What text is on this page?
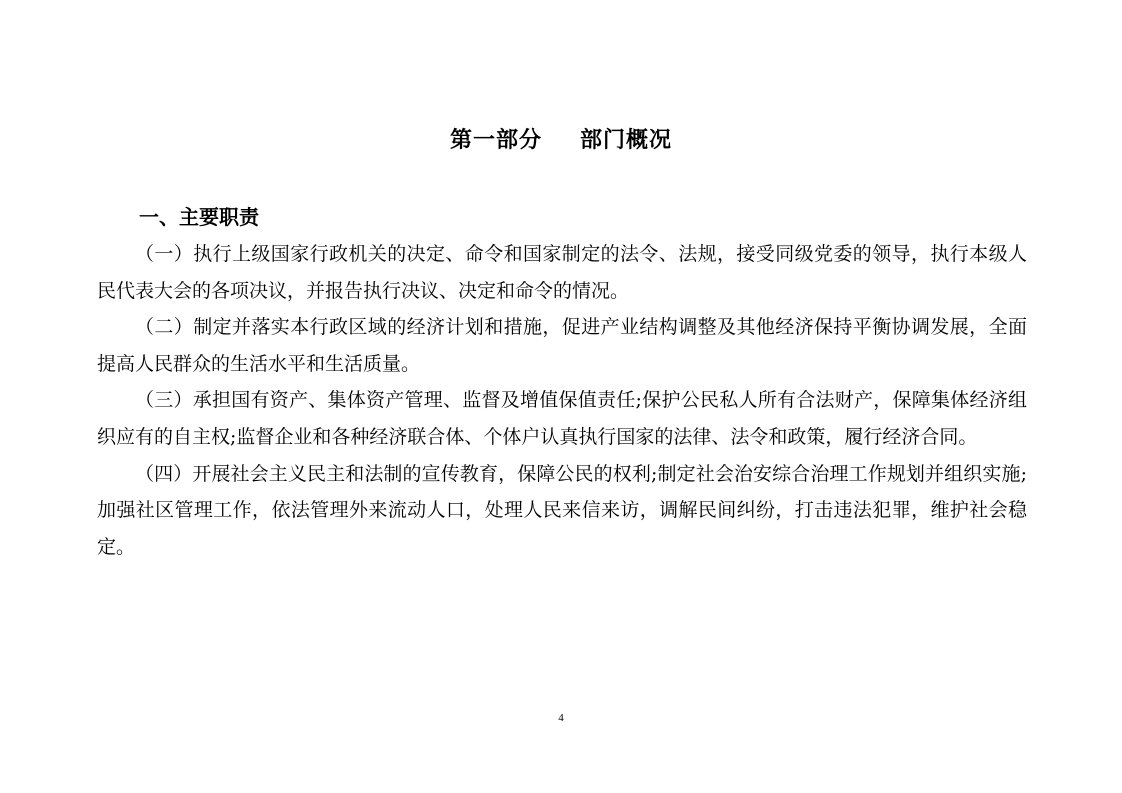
第一部分 部门概况
一、主要职责

（一）执行上级国家行政机关的决定、命令和国家制定的法令、法规，接受同级党委的领导，执行本级人民代表大会的各项决议，并报告执行决议、决定和命令的情况。

（二）制定并落实本行政区域的经济计划和措施，促进产业结构调整及其他经济保持平衡协调发展，全面提高人民群众的生活水平和生活质量。

（三）承担国有资产、集体资产管理、监督及增值保值责任;保护公民私人所有合法财产，保障集体经济组织应有的自主权;监督企业和各种经济联合体、个体户认真执行国家的法律、法令和政策，履行经济合同。

（四）开展社会主义民主和法制的宣传教育，保障公民的权利;制定社会治安综合治理工作规划并组织实施;加强社区管理工作，依法管理外来流动人口，处理人民来信来访，调解民间纠纷，打击违法犯罪，维护社会稳定。

4
